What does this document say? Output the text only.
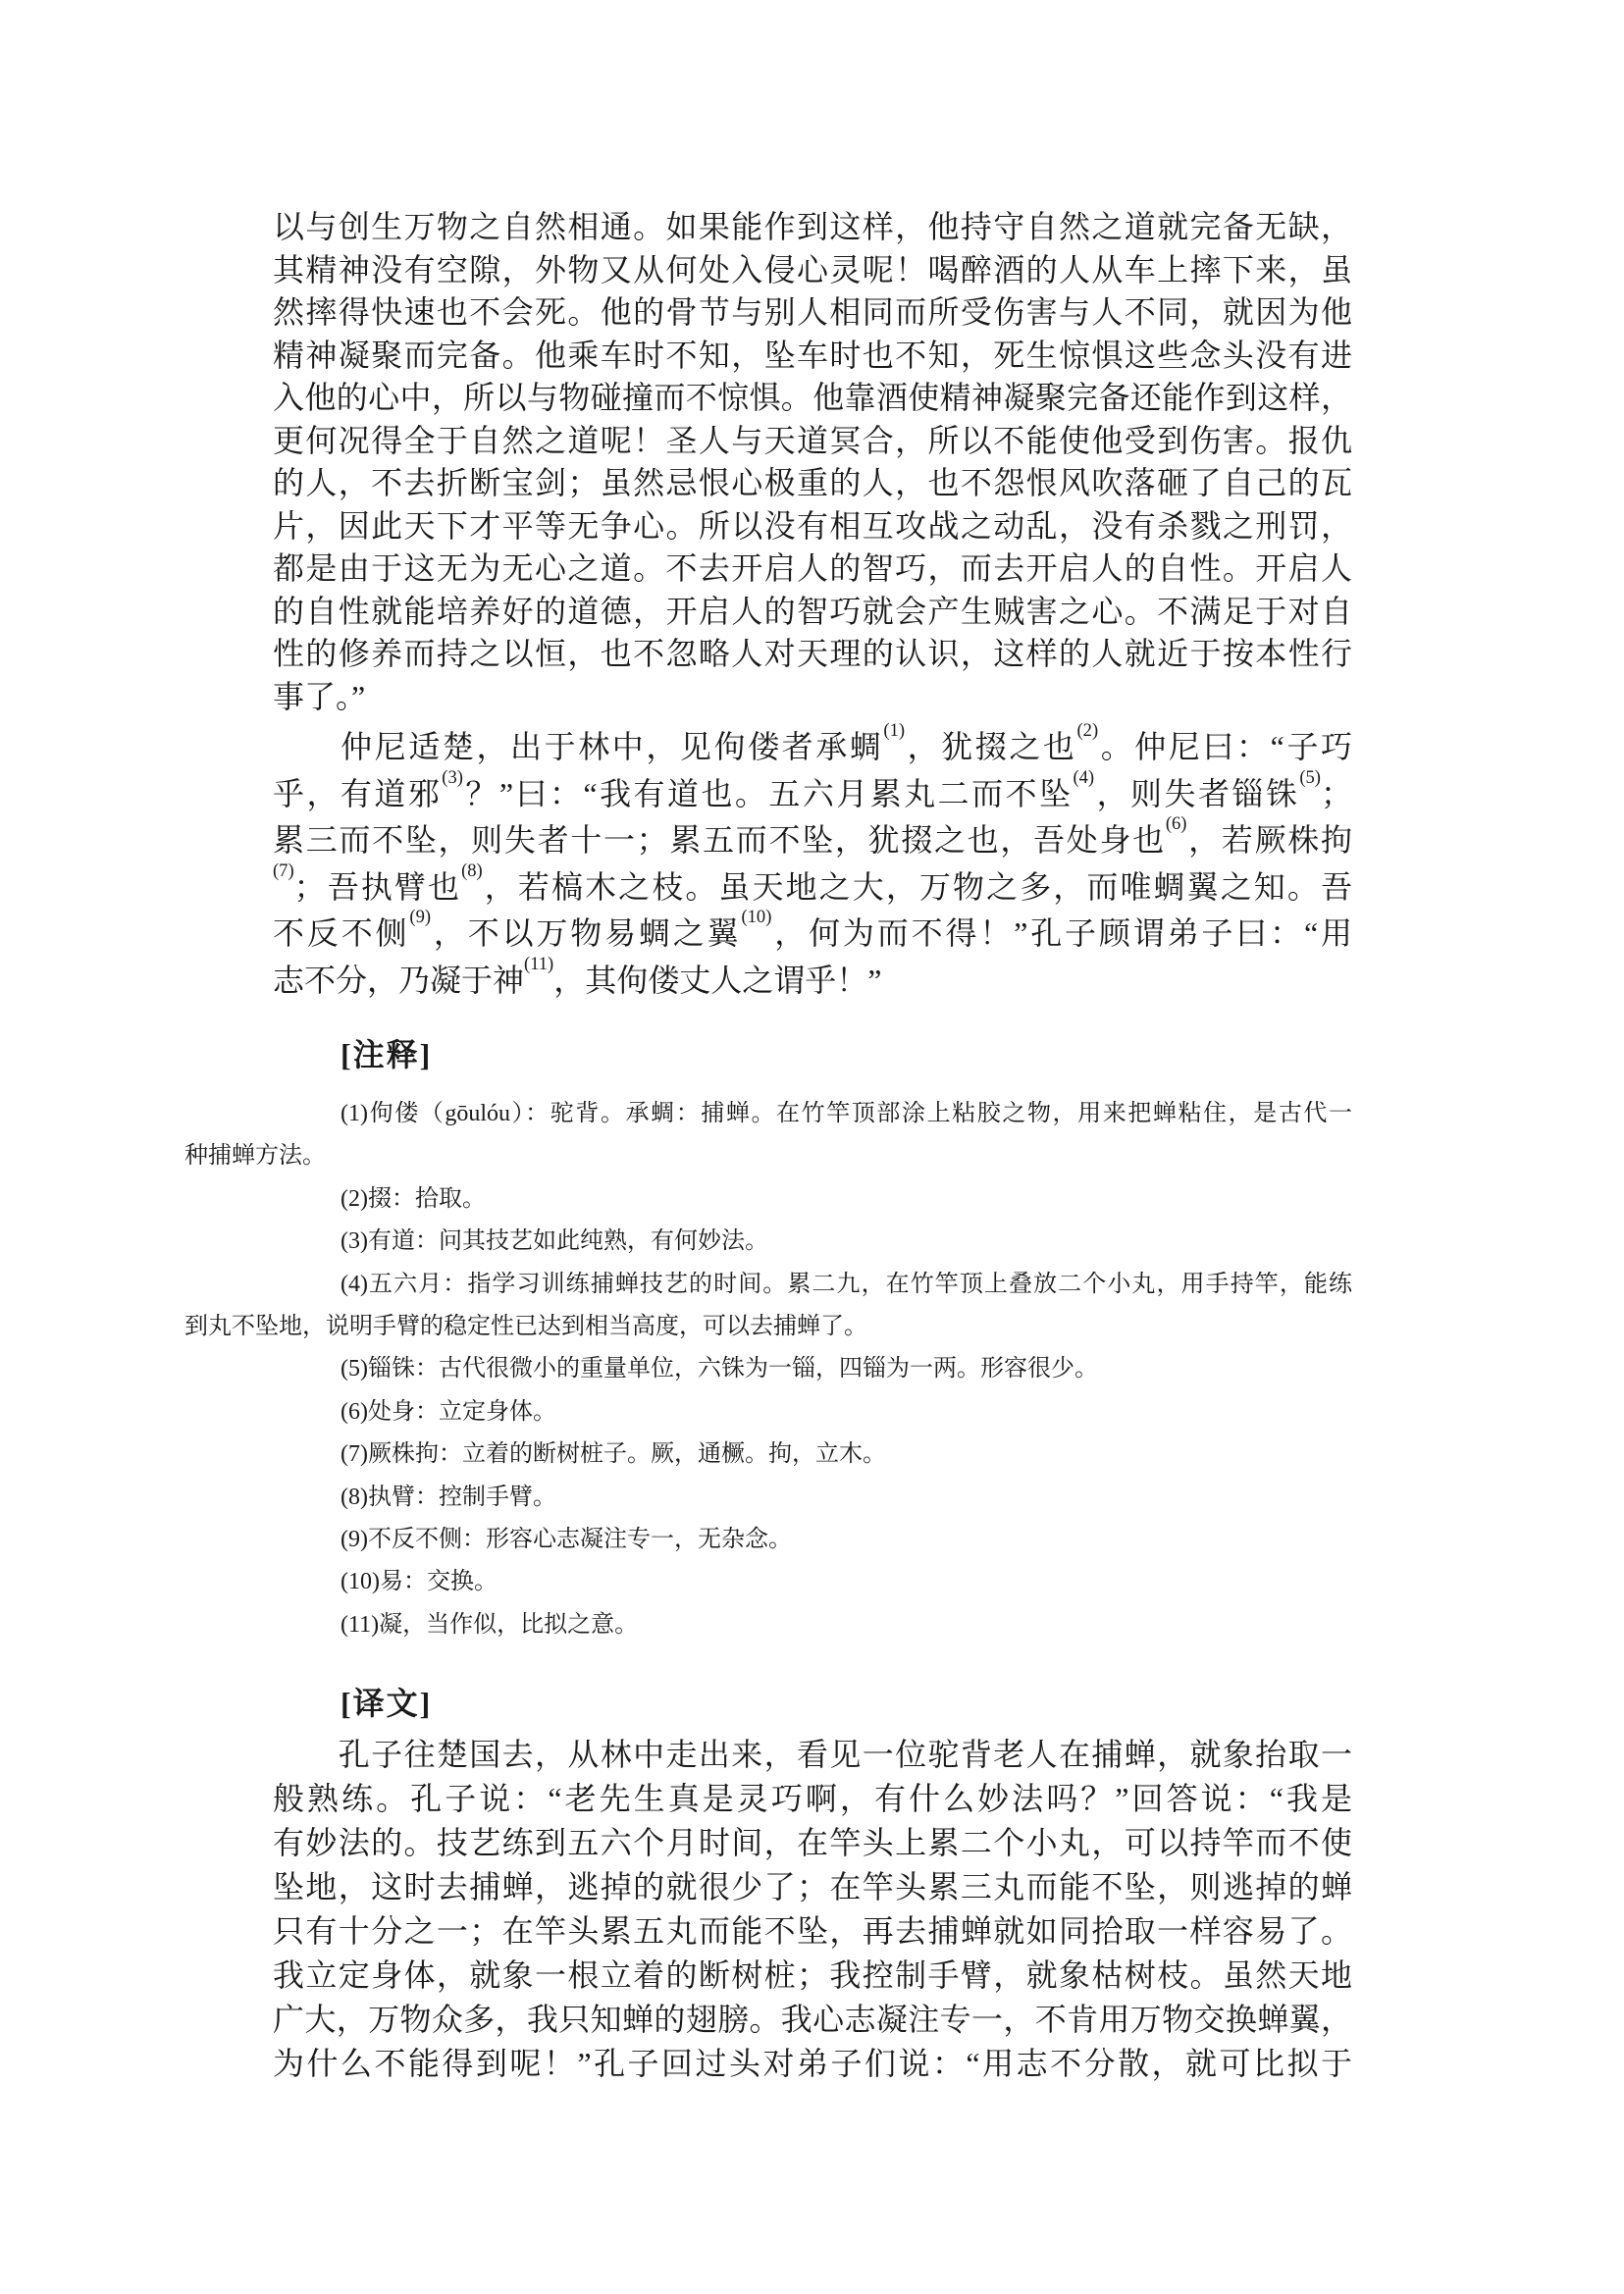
以与创生万物之自然相通。如果能作到这样，他持守自然之道就完备无缺，
其精神没有空隙，外物又从何处入侵心灵呢！喝醉酒的人从车上摔下来，虽
然摔得快速也不会死。他的骨节与别人相同而所受伤害与人不同，就因为他
精神凝聚而完备。他乘车时不知，坠车时也不知，死生惊惧这些念头没有进
入他的心中，所以与物碰撞而不惊惧。他靠酒使精神凝聚完备还能作到这样，
更何况得全于自然之道呢！圣人与天道冥合，所以不能使他受到伤害。报仇
的人，不去折断宝剑；虽然忌恨心极重的人，也不怨恨风吹落砸了自己的瓦
片，因此天下才平等无争心。所以没有相互攻战之动乱，没有杀戮之刑罚，
都是由于这无为无心之道。不去开启人的智巧，而去开启人的自性。开启人
的自性就能培养好的道德，开启人的智巧就会产生贼害之心。不满足于对自
性的修养而持之以恒，也不忽略人对天理的认识，这样的人就近于按本性行
事了。”
　　仲尼适楚，出于林中，见佝偻者承蜩$^{(1)}$，犹掇之也$^{(2)}$。仲尼曰：“子巧
乎，有道邪$^{(3)}$？”曰：“我有道也。五六月累丸二而不坠$^{(4)}$，则失者锱铢$^{(5)}$；
累三而不坠，则失者十一；累五而不坠，犹掇之也，吾处身也$^{(6)}$，若厥株拘
$^{(7)}$；吾执臂也$^{(8)}$，若槁木之枝。虽天地之大，万物之多，而唯蜩翼之知。吾
不反不侧$^{(9)}$，不以万物易蜩之翼$^{(10)}$，何为而不得！”孔子顾谓弟子曰：“用
志不分，乃凝于神$^{(11)}$，其佝偻丈人之谓乎！”
[注释]
(1)佝偻（gōulóu）：驼背。承蜩：捕蝉。在竹竿顶部涂上粘胶之物，用来把蝉粘住，是古代一
种捕蝉方法。
(2)掇：拾取。
(3)有道：问其技艺如此纯熟，有何妙法。
(4)五六月：指学习训练捕蝉技艺的时间。累二九，在竹竿顶上叠放二个小丸，用手持竿，能练
到丸不坠地，说明手臂的稳定性已达到相当高度，可以去捕蝉了。
(5)锱铢：古代很微小的重量单位，六铢为一锱，四锱为一两。形容很少。
(6)处身：立定身体。
(7)厥株拘：立着的断树桩子。厥，通橛。拘，立木。
(8)执臂：控制手臂。
(9)不反不侧：形容心志凝注专一，无杂念。
(10)易：交换。
(11)凝，当作似，比拟之意。
[译文]
　　孔子往楚国去，从林中走出来，看见一位驼背老人在捕蝉，就象抬取一
般熟练。孔子说：“老先生真是灵巧啊，有什么妙法吗？”回答说：“我是
有妙法的。技艺练到五六个月时间，在竿头上累二个小丸，可以持竿而不使
坠地，这时去捕蝉，逃掉的就很少了；在竿头累三丸而能不坠，则逃掉的蝉
只有十分之一；在竿头累五丸而能不坠，再去捕蝉就如同拾取一样容易了。
我立定身体，就象一根立着的断树桩；我控制手臂，就象枯树枝。虽然天地
广大，万物众多，我只知蝉的翅膀。我心志凝注专一，不肯用万物交换蝉翼，
为什么不能得到呢！”孔子回过头对弟子们说：“用志不分散，就可比拟于
